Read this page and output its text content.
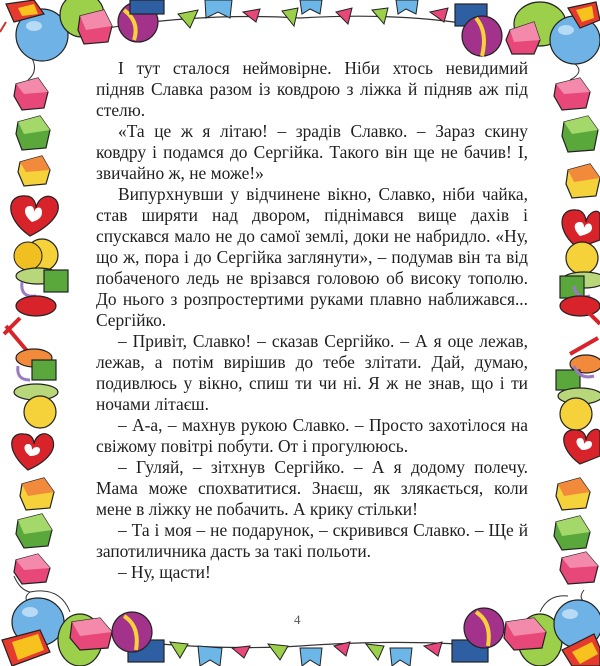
І тут сталося неймовірне. Ніби хтось невидимий підняв Славка разом із ковдрою з ліжка й підняв аж під стелю.

«Та це ж я літаю! – зрадів Славко. – Зараз скину ковдру і подамся до Сергійка. Такого він ще не бачив! І, звичайно ж, не може!»

Випурхнувши у відчинене вікно, Славко, ніби чайка, став ширяти над двором, піднімався вище дахів і спускався мало не до самої землі, доки не набридло. «Ну, що ж, пора і до Сергійка заглянути», – подумав він та від побаченого ледь не врізався головою об високу тополю. До нього з розпростертими руками плавно наближався... Сергійко.

– Привіт, Славко! – сказав Сергійко. – А я оце лежав, лежав, а потім вирішив до тебе злітати. Дай, думаю, подивлюсь у вікно, спиш ти чи ні. Я ж не знав, що і ти ночами літаєш.

– А-а, – махнув рукою Славко. – Просто захотілося на свіжому повітрі побути. От і прогулююсь.

– Гуляй, – зітхнув Сергійко. – А я додому полечу. Мама може спохватитися. Знаєш, як злякається, коли мене в ліжку не побачить. А крику стільки!

– Та і моя – не подарунок, – скривився Славко. – Ще й запотиличника дасть за такі польоти.

– Ну, щасти!

4
